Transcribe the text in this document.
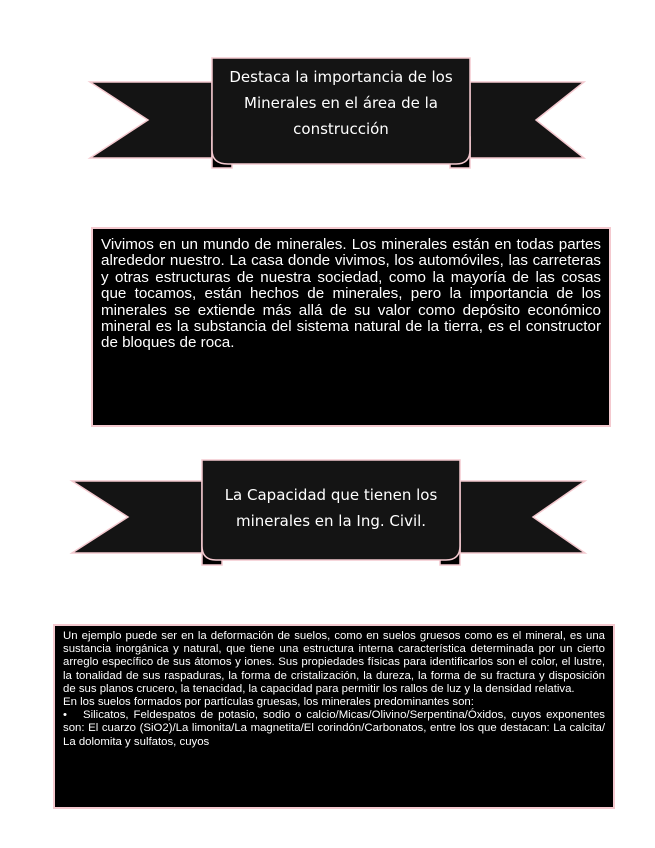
Destaca la importancia de los
Minerales en el área de la
construcción

Vivimos en un mundo de minerales. Los minerales están en todas partes alrededor nuestro. La casa donde vivimos, los automóviles, las carreteras y otras estructuras de nuestra sociedad, como la mayoría de las cosas que tocamos, están hechos de minerales, pero la importancia de los minerales se extiende más allá de su valor como depósito económico mineral es la substancia del sistema natural de la tierra, es el constructor de bloques de roca.

La Capacidad que tienen los
minerales en la Ing. Civil.

Un ejemplo puede ser en la deformación de suelos, como en suelos gruesos como es el mineral, es una sustancia inorgánica y natural, que tiene una estructura interna característica determinada por un cierto arreglo específico de sus átomos y iones. Sus propiedades físicas para identificarlos son el color, el lustre, la tonalidad de sus raspaduras, la forma de cristalización, la dureza, la forma de su fractura y disposición de sus planos crucero, la tenacidad, la capacidad para permitir los rallos de luz y la densidad relativa.

En los suelos formados por partículas gruesas, los minerales predominantes son:

• Silicatos, Feldespatos de potasio, sodio o calcio/Micas/Olivino/Serpentina/Óxidos, cuyos exponentes son: El cuarzo (SiO2)/La limonita/La magnetita/El corindón/Carbonatos, entre los que destacan: La calcita/ La dolomita y sulfatos, cuyos
